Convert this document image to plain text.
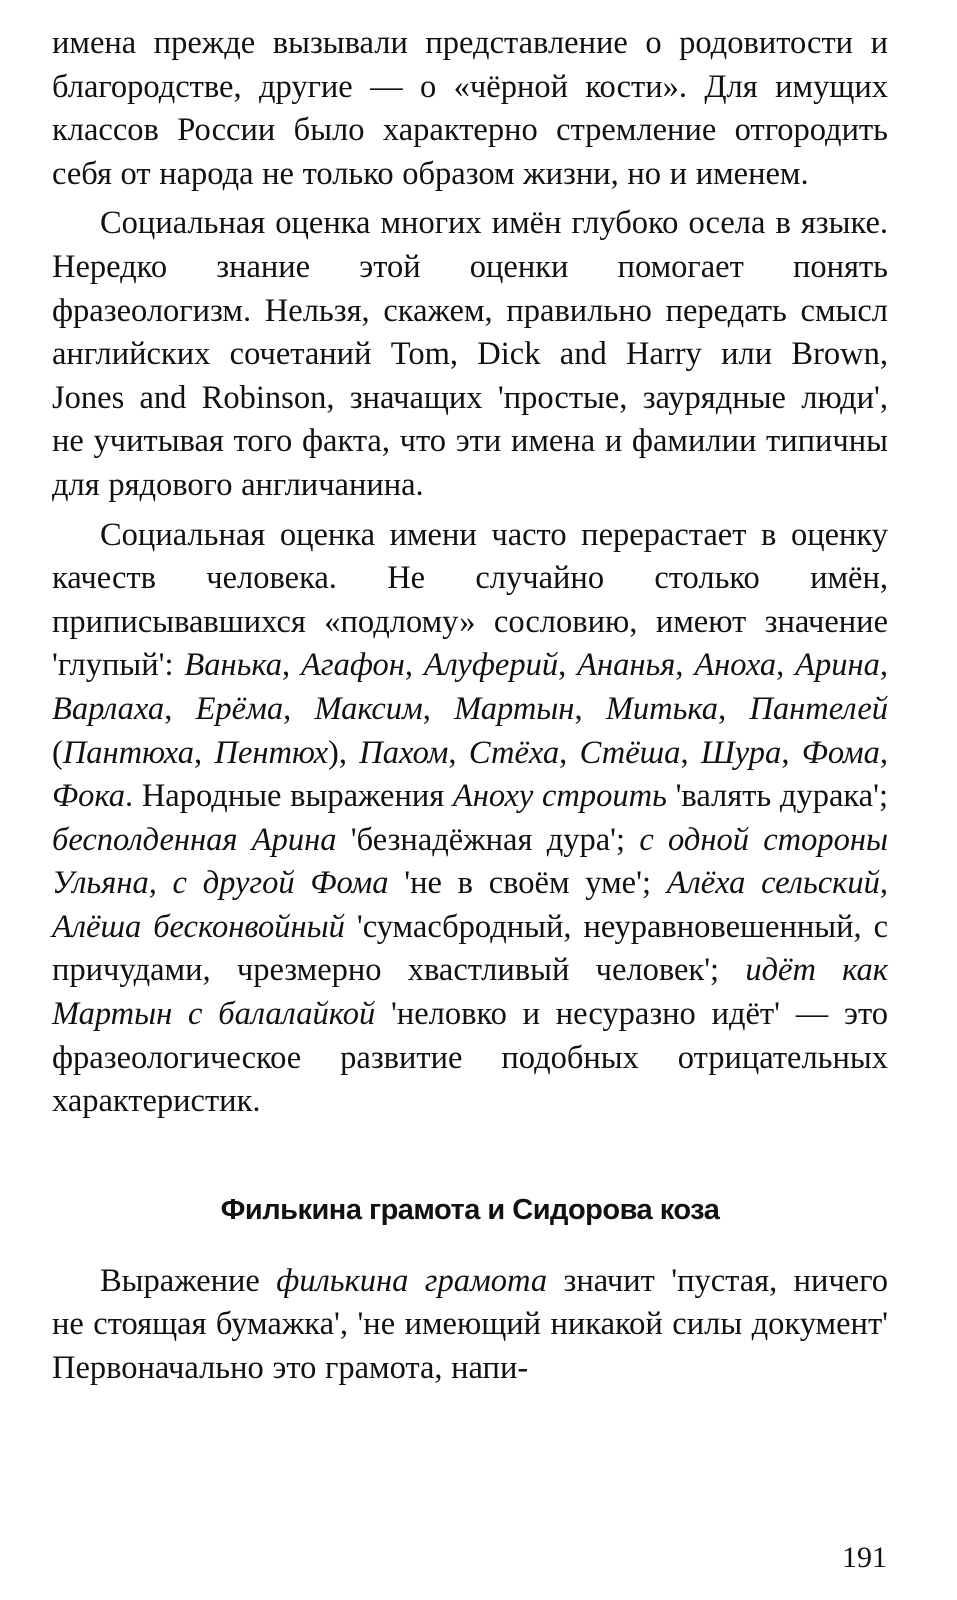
имена прежде вызывали представление о родовитости и благородстве, другие — о «чёрной кости». Для имущих классов России было характерно стремление отгородить себя от народа не только образом жизни, но и именем.

Социальная оценка многих имён глубоко осела в языке. Нередко знание этой оценки помогает понять фразеологизм. Нельзя, скажем, правильно передать смысл английских сочетаний Tom, Dick and Harry или Brown, Jones and Robinson, значащих 'простые, заурядные люди', не учитывая того факта, что эти имена и фамилии типичны для рядового англичанина.

Социальная оценка имени часто перерастает в оценку качеств человека. Не случайно столько имён, приписывавшихся «подлому» сословию, имеют значение 'глупый': Ванька, Агафон, Алуферий, Ананья, Аноха, Арина, Варлаха, Ерёма, Максим, Мартын, Митька, Пантелей (Пантюха, Пентюх), Пахом, Стёха, Стёша, Шура, Фома, Фока. Народные выражения Аноху строить 'валять дурака'; бесполденная Арина 'безнадёжная дура'; с одной стороны Ульяна, с другой Фома 'не в своём уме'; Алёха сельский, Алёша бесконвойный 'сумасбродный, неуравновешенный, с причудами, чрезмерно хвастливый человек'; идёт как Мартын с балалайкой 'неловко и несуразно идёт' — это фразеологическое развитие подобных отрицательных характеристик.

Филькина грамота и Сидорова коза

Выражение филькина грамота значит 'пустая, ничего не стоящая бумажка', 'не имеющий никакой силы документ' Первоначально это грамота, напи-

191
